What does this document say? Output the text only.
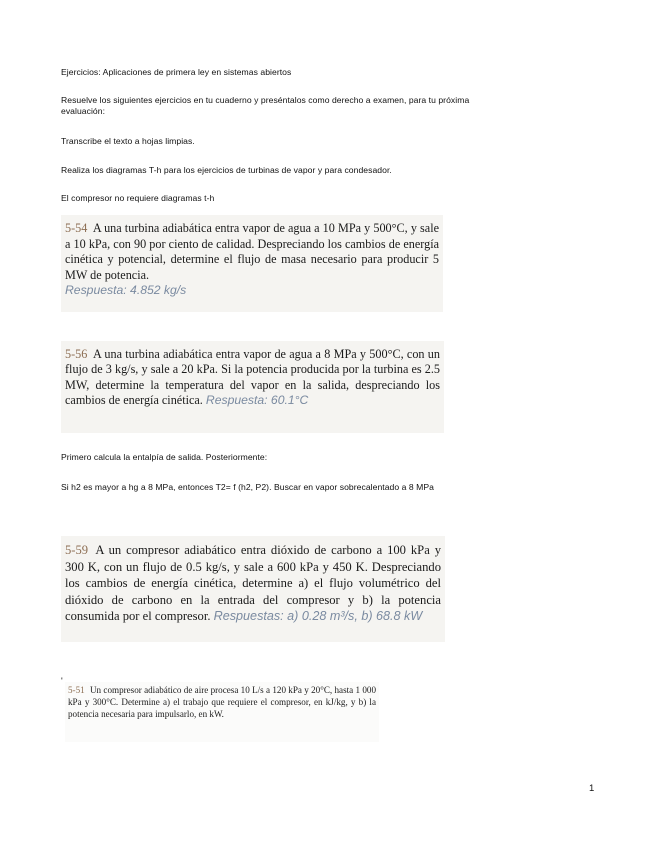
Ejercicios: Aplicaciones de primera ley en sistemas abiertos
Resuelve los siguientes ejercicios en tu cuaderno y preséntalos como derecho a examen, para tu próxima
evaluación:
Transcribe el texto a hojas limpias.
Realiza los diagramas T-h para los ejercicios de turbinas de vapor y para condesador.
El compresor no requiere diagramas t-h

5-54 A una turbina adiabática entra vapor de agua a 10 MPa y 500°C, y sale a 10 kPa, con 90 por ciento de calidad. Despreciando los cambios de energía cinética y potencial, determine el flujo de masa necesario para producir 5 MW de potencia.
Respuesta: 4.852 kg/s

5-56 A una turbina adiabática entra vapor de agua a 8 MPa y 500°C, con un flujo de 3 kg/s, y sale a 20 kPa. Si la potencia producida por la turbina es 2.5 MW, determine la temperatura del vapor en la salida, despreciando los cambios de energía cinética. Respuesta: 60.1°C

Primero calcula la entalpía de salida. Posteriormente:
Si h2 es mayor a hg a 8 MPa, entonces T2= f (h2, P2). Buscar en vapor sobrecalentado a 8 MPa

5-59 A un compresor adiabático entra dióxido de carbono a 100 kPa y 300 K, con un flujo de 0.5 kg/s, y sale a 600 kPa y 450 K. Despreciando los cambios de energía cinética, determine a) el flujo volumétrico del dióxido de carbono en la entrada del compresor y b) la potencia consumida por el compresor. Respuestas: a) 0.28 m³/s, b) 68.8 kW

'

5-51 Un compresor adiabático de aire procesa 10 L/s a 120 kPa y 20°C, hasta 1 000 kPa y 300°C. Determine a) el trabajo que requiere el compresor, en kJ/kg, y b) la potencia necesaria para impulsarlo, en kW.

1
